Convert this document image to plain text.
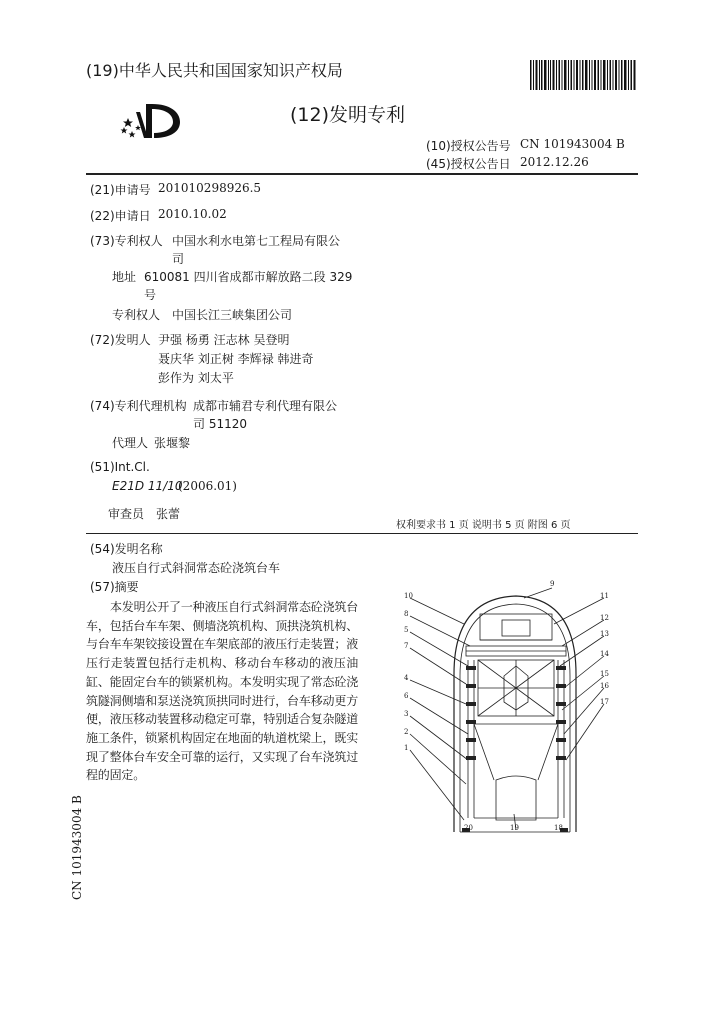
(19)中华人民共和国国家知识产权局
(12)发明专利
(10)授权公告号 CN 101943004 B
(45)授权公告日 2012.12.26
(21)申请号 201010298926.5
(22)申请日 2010.10.02
(73)专利权人 中国水利水电第七工程局有限公
司
地址 610081 四川省成都市解放路二段 329
号
专利权人 中国长江三峡集团公司
(72)发明人 尹强 杨勇 汪志林 吴登明
聂庆华 刘正树 李辉禄 韩进奇
彭作为 刘太平
(74)专利代理机构 成都市辅君专利代理有限公
司 51120
代理人 张堰黎
(51)Int.Cl.
E21D 11/10
(2006.01)
审查员 张蕾
权利要求书 1 页 说明书 5 页 附图 6 页
(54)发明名称
液压自行式斜洞常态砼浇筑台车
(57)摘要
本发明公开了一种液压自行式斜洞常态砼浇筑台车，包括台车车架、侧墙浇筑机构、顶拱浇筑机构、与台车车架铰接设置在车架底部的液压行走装置；液压行走装置包括行走机构、移动台车移动的液压油缸、能固定台车的锁紧机构。本发明实现了常态砼浇筑隧洞侧墙和泵送浇筑顶拱同时进行，台车移动更方便，液压移动装置移动稳定可靠，特别适合复杂隧道施工条件，锁紧机构固定在地面的轨道枕梁上，既实现了整体台车安全可靠的运行，又实现了台车浇筑过程的固定。
9
10
8
5
7
4
6
3
2
1
11
12
13
14
15
16
17
20	19	18
CN 101943004 B
